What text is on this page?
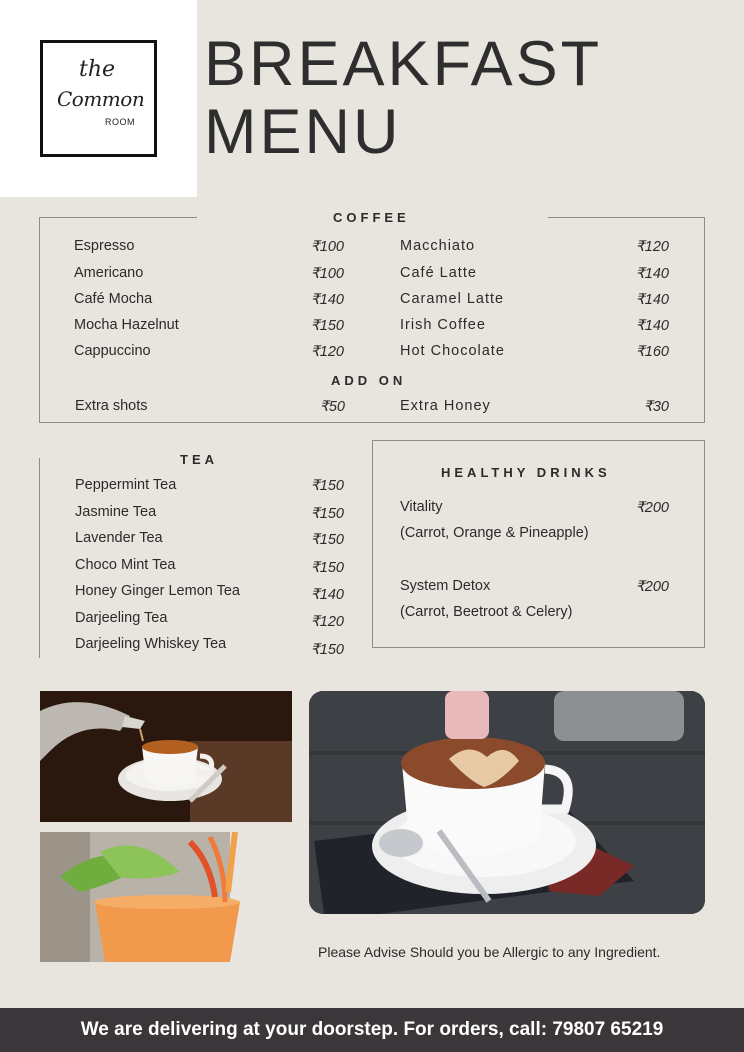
the
Common
ROOM
BREAKFAST
MENU
COFFEE
Espresso	₹100
Americano	₹100
Café Mocha	₹140
Mocha Hazelnut	₹150
Cappuccino	₹120
Macchiato	₹120
Café Latte	₹140
Caramel Latte	₹140
Irish Coffee	₹140
Hot Chocolate	₹160
ADD ON
Extra shots	₹50	Extra Honey	₹30
TEA
Peppermint Tea	₹150
Jasmine Tea	₹150
Lavender Tea	₹150
Choco Mint Tea	₹150
Honey Ginger Lemon Tea	₹140
Darjeeling Tea	₹120
Darjeeling Whiskey Tea	₹150
HEALTHY DRINKS
Vitality	₹200
(Carrot, Orange & Pineapple)
System Detox	₹200
(Carrot, Beetroot & Celery)
Please Advise Should you be Allergic to any Ingredient.
We are delivering at your doorstep. For orders, call: 79807 65219
